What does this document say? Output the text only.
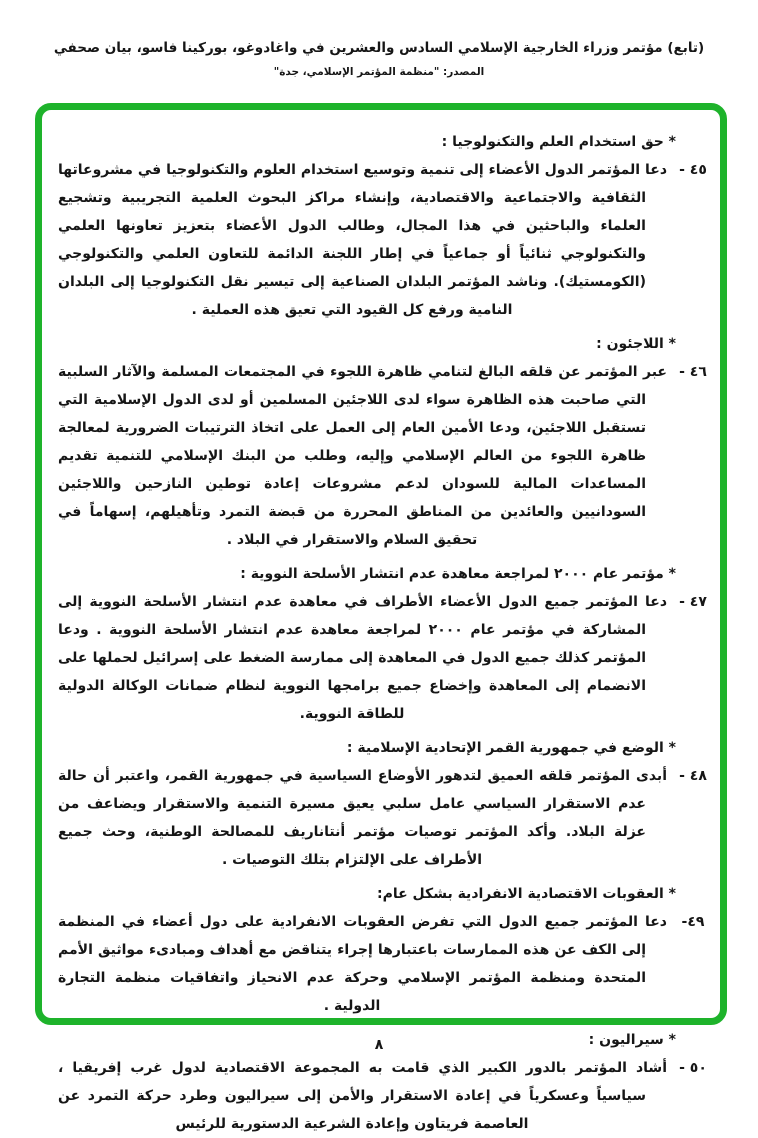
(تابع) مؤتمر وزراء الخارجية الإسلامي السادس والعشرين في واغادوغو، بوركينا فاسو، بيان صحفي
المصدر: "منظمة المؤتمر الإسلامي، جدة"
* حق استخدام العلم والتكنولوجيا :
٤٥ -دعا المؤتمر الدول الأعضاء إلى تنمية وتوسيع استخدام العلوم والتكنولوجيا في مشروعاتها الثقافية والاجتماعية والاقتصادية، وإنشاء مراكز البحوث العلمية التجريبية وتشجيع العلماء والباحثين في هذا المجال، وطالب الدول الأعضاء بتعزيز تعاونها العلمي والتكنولوجي ثنائياً أو جماعياً في إطار اللجنة الدائمة للتعاون العلمي والتكنولوجي (الكومستيك). وناشد المؤتمر البلدان الصناعية إلى تيسير نقل التكنولوجيا إلى البلدان النامية ورفع كل القيود التي تعيق هذه العملية .
* اللاجئون :
٤٦ -عبر المؤتمر عن قلقه البالغ لتنامي ظاهرة اللجوء في المجتمعات المسلمة والآثار السلبية التي صاحبت هذه الظاهرة سواء لدى اللاجئين المسلمين أو لدى الدول الإسلامية التي تستقبل اللاجئين، ودعا الأمين العام إلى العمل على اتخاذ الترتيبات الضرورية لمعالجة ظاهرة اللجوء من العالم الإسلامي وإليه، وطلب من البنك الإسلامي للتنمية تقديم المساعدات المالية للسودان لدعم مشروعات إعادة توطين النازحين واللاجئين السودانيين والعائدين من المناطق المحررة من قبضة التمرد وتأهيلهم، إسهاماً في تحقيق السلام والاستقرار في البلاد .
* مؤتمر عام ٢٠٠٠ لمراجعة معاهدة عدم انتشار الأسلحة النووية :
٤٧ -دعا المؤتمر جميع الدول الأعضاء الأطراف في معاهدة عدم انتشار الأسلحة النووية إلى المشاركة في مؤتمر عام ٢٠٠٠ لمراجعة معاهدة عدم انتشار الأسلحة النووية . ودعا المؤتمر كذلك جميع الدول في المعاهدة إلى ممارسة الضغط على إسرائيل لحملها على الانضمام إلى المعاهدة وإخضاع جميع برامجها النووية لنظام ضمانات الوكالة الدولية للطاقة النووية.
* الوضع في جمهورية القمر الإتحادية الإسلامية :
٤٨ -أبدى المؤتمر قلقه العميق لتدهور الأوضاع السياسية في جمهورية القمر، واعتبر أن حالة عدم الاستقرار السياسي عامل سلبي يعيق مسيرة التنمية والاستقرار ويضاعف من عزلة البلاد. وأكد المؤتمر توصيات مؤتمر أنتاناريف للمصالحة الوطنية، وحث جميع الأطراف على الإلتزام بتلك التوصيات .
* العقوبات الاقتصادية الانفرادية بشكل عام:
٤٩-دعا المؤتمر جميع الدول التي تفرض العقوبات الانفرادية على دول أعضاء في المنظمة إلى الكف عن هذه الممارسات باعتبارها إجراء يتناقض مع أهداف ومبادىء مواثيق الأمم المتحدة ومنظمة المؤتمر الإسلامي وحركة عدم الانحياز واتفاقيات منظمة التجارة الدولية .
* سيراليون :
٥٠ -أشاد المؤتمر بالدور الكبير الذي قامت به المجموعة الاقتصادية لدول غرب إفريقيا ، سياسياً وعسكرياً في إعادة الاستقرار والأمن إلى سيراليون وطرد حركة التمرد عن العاصمة فريتاون وإعادة الشرعية الدستورية للرئيس
٨
